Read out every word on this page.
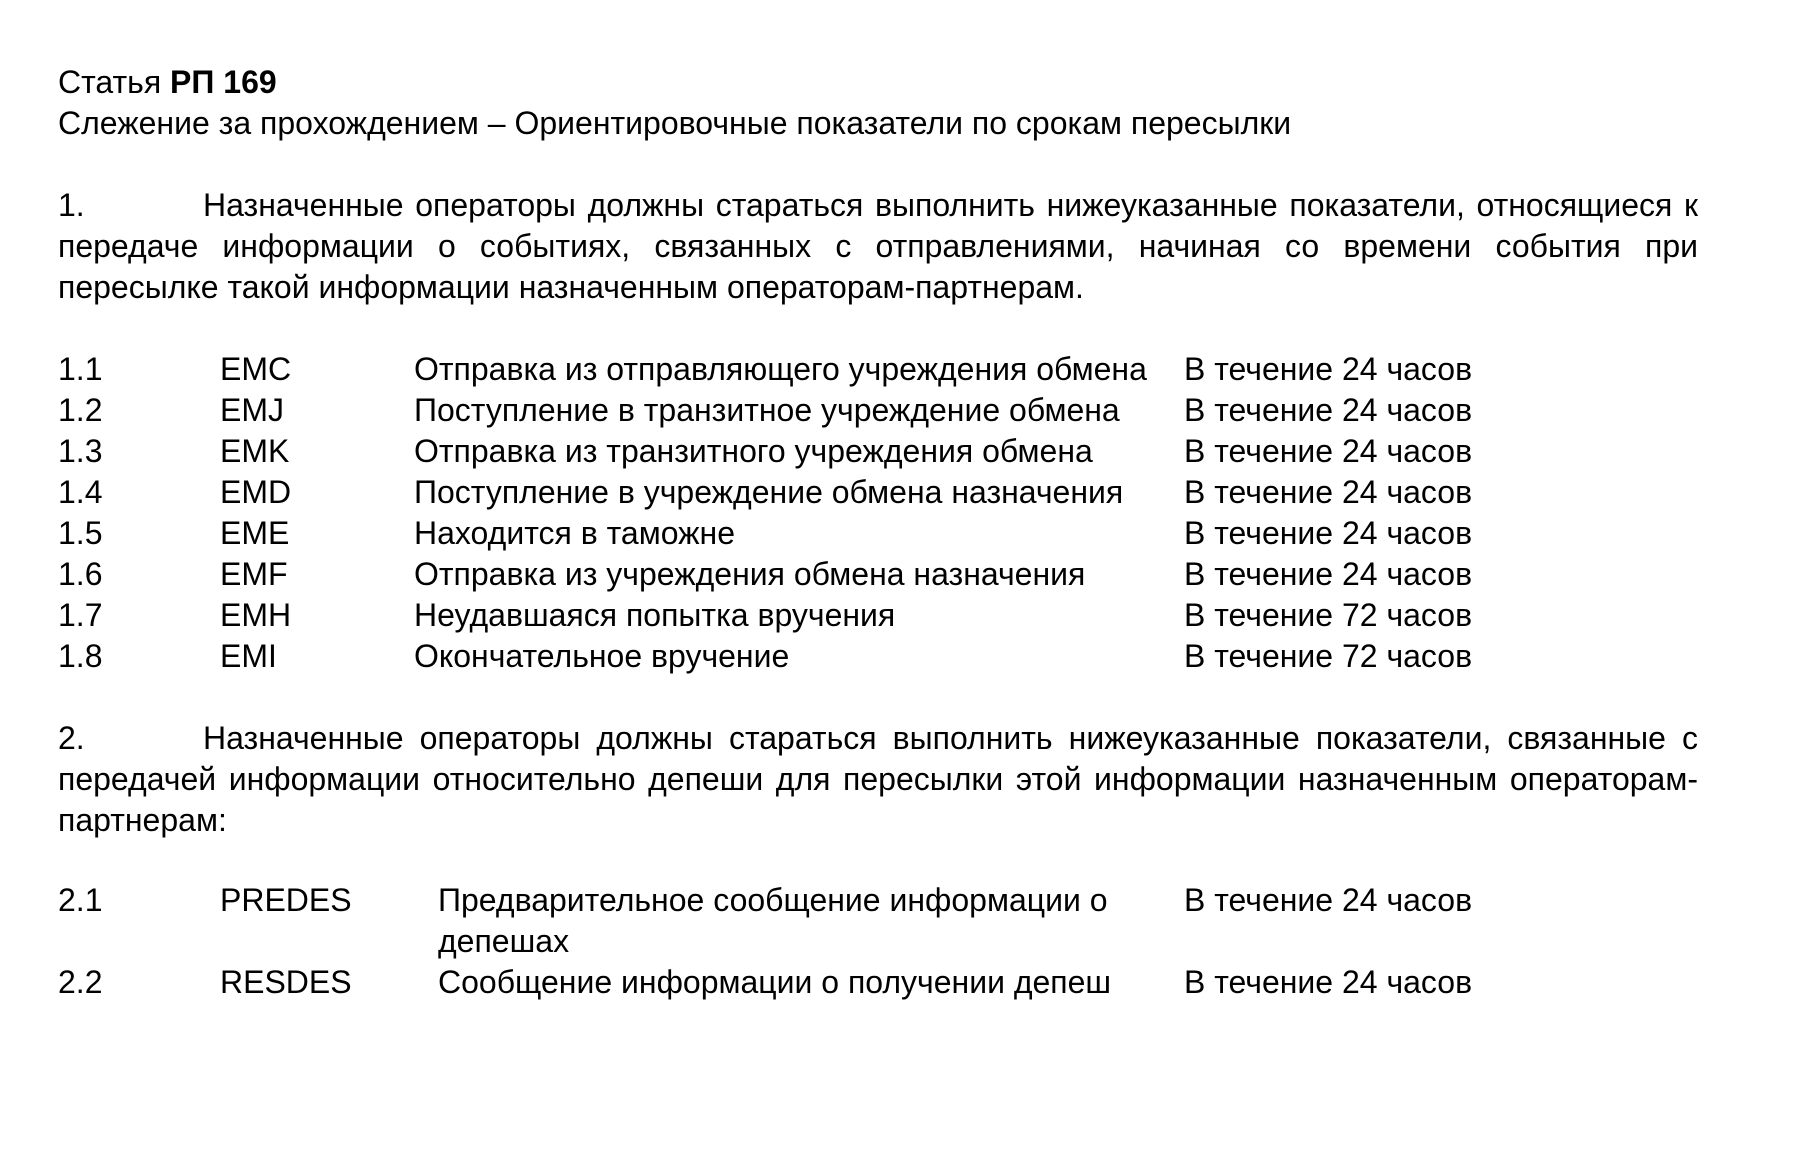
Статья РП 169

Слежение за прохождением – Ориентировочные показатели по срокам пересылки

1.	Назначенные операторы должны стараться выполнить нижеуказанные показатели, относящиеся к передаче информации о событиях, связанных с отправлениями, начиная со времени события при пересылке такой информации назначенным операторам-партнерам.

1.1	EMC	Отправка из отправляющего учреждения обмена	В течение 24 часов
1.2	EMJ	Поступление в транзитное учреждение обмена	В течение 24 часов
1.3	EMK	Отправка из транзитного учреждения обмена	В течение 24 часов
1.4	EMD	Поступление в учреждение обмена назначения	В течение 24 часов
1.5	EME	Находится в таможне	В течение 24 часов
1.6	EMF	Отправка из учреждения обмена назначения	В течение 24 часов
1.7	EMH	Неудавшаяся попытка вручения	В течение 72 часов
1.8	EMI	Окончательное вручение	В течение 72 часов

2.	Назначенные операторы должны стараться выполнить нижеуказанные показатели, связанные с передачей информации относительно депеши для пересылки этой информации назначенным операторам-партнерам:

2.1	PREDES	Предварительное сообщение информации о депешах	В течение 24 часов
2.2	RESDES	Сообщение информации о получении депеш	В течение 24 часов
